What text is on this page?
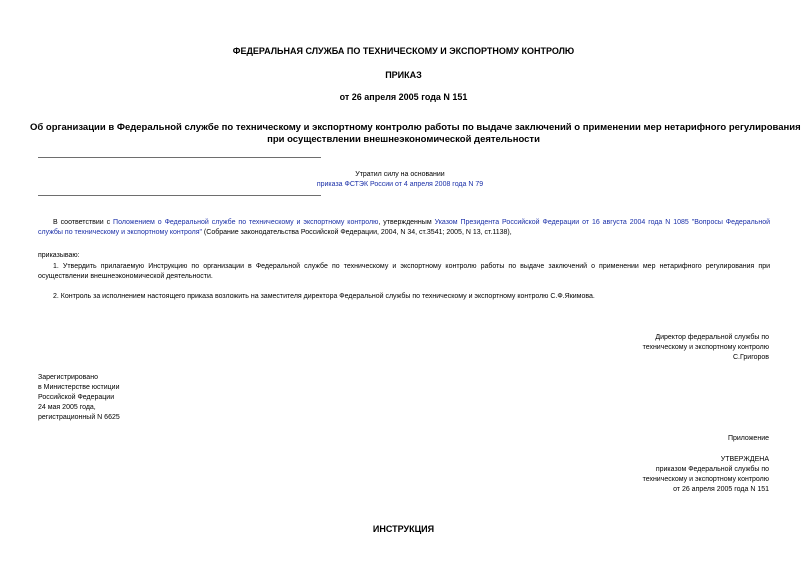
ФЕДЕРАЛЬНАЯ СЛУЖБА ПО ТЕХНИЧЕСКОМУ И ЭКСПОРТНОМУ КОНТРОЛЮ
ПРИКАЗ
от 26 апреля 2005 года N 151
Об организации в Федеральной службе по техническому и экспортному контролю работы по выдаче заключений о применении мер нетарифного регулирования
при осуществлении внешнеэкономической деятельности
Утратил силу на основании
приказа ФСТЭК России от 4 апреля 2008 года N 79
В соответствии с Положением о Федеральной службе по техническому и экспортному контролю, утвержденным Указом Президента Российской Федерации от 16 августа 2004 года N 1085 "Вопросы Федеральной службы по техническому и экспортному контроля" (Собрание законодательства Российской Федерации, 2004, N 34, ст.3541; 2005, N 13, ст.1138),
приказываю:
1. Утвердить прилагаемую Инструкцию по организации в Федеральной службе по техническому и экспортному контролю работы по выдаче заключений о применении мер нетарифного регулирования при осуществлении внешнеэкономической деятельности.
2. Контроль за исполнением настоящего приказа возложить на заместителя директора Федеральной службы по техническому и экспортному контролю С.Ф.Якимова.
Директор федеральной службы по
техническому и экспортному контролю
С.Григоров
Зарегистрировано
в Министерстве юстиции
Российской Федерации
24 мая 2005 года,
регистрационный N 6625
Приложение
УТВЕРЖДЕНА
приказом Федеральной службы по
техническому и экспортному контролю
от 26 апреля 2005 года N 151
ИНСТРУКЦИЯ
